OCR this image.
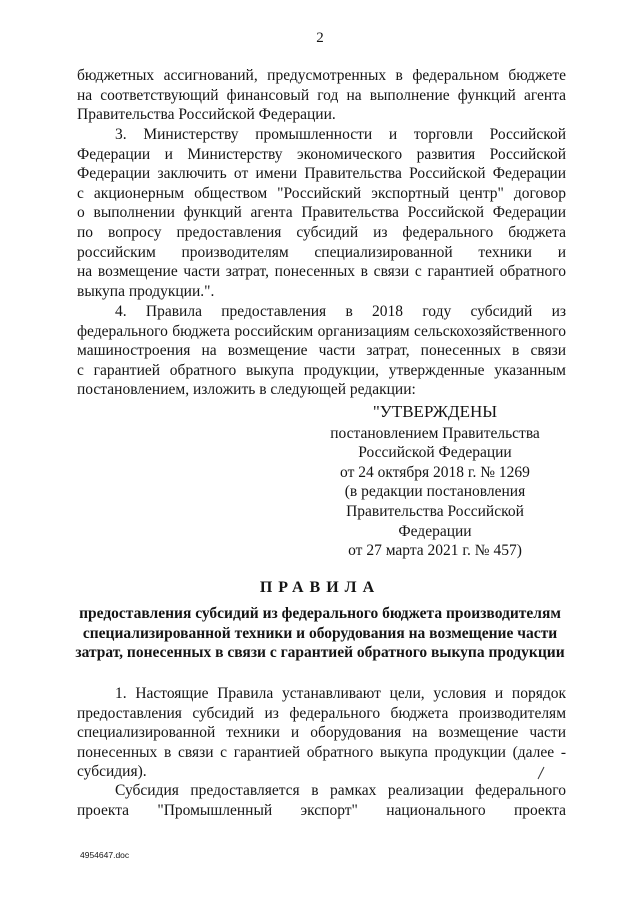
2
бюджетных ассигнований, предусмотренных в федеральном бюджете
на соответствующий финансовый год на выполнение функций агента
Правительства Российской Федерации.
3. Министерству промышленности и торговли Российской
Федерации и Министерству экономического развития Российской
Федерации заключить от имени Правительства Российской Федерации
с акционерным обществом "Российский экспортный центр" договор
о выполнении функций агента Правительства Российской Федерации
по вопросу предоставления субсидий из федерального бюджета
российским производителям специализированной техники и
на возмещение части затрат, понесенных в связи с гарантией обратного
выкупа продукции.".
4. Правила предоставления в 2018 году субсидий из
федерального бюджета российским организациям сельскохозяйственного
машиностроения на возмещение части затрат, понесенных в связи
с гарантией обратного выкупа продукции, утвержденные указанным
постановлением, изложить в следующей редакции:
"УТВЕРЖДЕНЫ
постановлением Правительства
Российской Федерации
от 24 октября 2018 г. № 1269
(в редакции постановления
Правительства Российской Федерации
от 27 марта 2021 г. № 457)
ПРАВИЛА
предоставления субсидий из федерального бюджета производителям
специализированной техники и оборудования на возмещение части
затрат, понесенных в связи с гарантией обратного выкупа продукции
1. Настоящие Правила устанавливают цели, условия и порядок
предоставления субсидий из федерального бюджета производителям
специализированной техники и оборудования на возмещение части
понесенных в связи с гарантией обратного выкупа продукции (далее -
субсидия).
Субсидия предоставляется в рамках реализации федерального
проекта "Промышленный экспорт" национального проекта
4954647.doc
